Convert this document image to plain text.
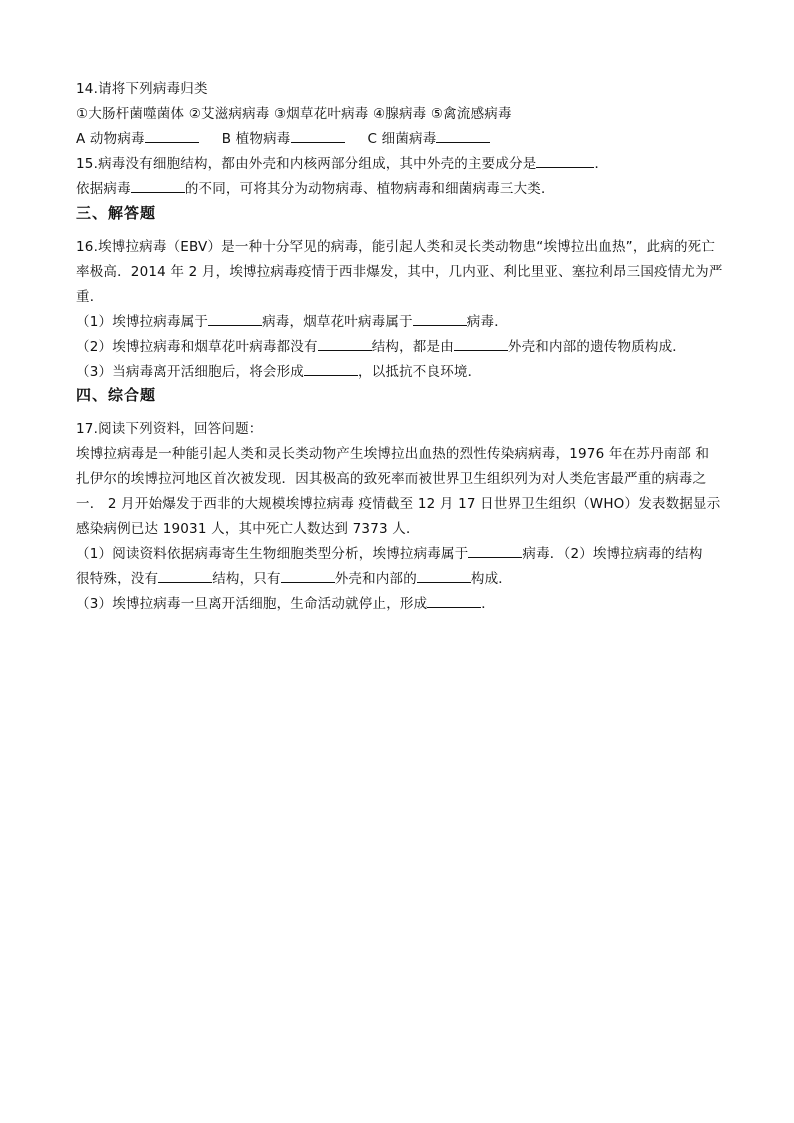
14.请将下列病毒归类
①大肠杆菌噬菌体 ②艾滋病病毒 ③烟草花叶病毒 ④腺病毒 ⑤禽流感病毒
A 动物病毒	B 植物病毒	C 细菌病毒
15.病毒没有细胞结构，都由外壳和内核两部分组成，其中外壳的主要成分是	．
依据病毒	的不同，可将其分为动物病毒、植物病毒和细菌病毒三大类．
三、解答题
16.埃博拉病毒（EBV）是一种十分罕见的病毒，能引起人类和灵长类动物患“埃博拉出血热”，此病的死亡
率极高．2014 年 2 月，埃博拉病毒疫情于西非爆发，其中，几内亚、利比里亚、塞拉利昂三国疫情尤为严
重．
（1）埃博拉病毒属于	病毒，烟草花叶病毒属于	病毒．
（2）埃博拉病毒和烟草花叶病毒都没有	结构，都是由	外壳和内部的遗传物质构成．
（3）当病毒离开活细胞后，将会形成	，以抵抗不良环境．
四、综合题
17.阅读下列资料，回答问题：
埃博拉病毒是一种能引起人类和灵长类动物产生埃博拉出血热的烈性传染病病毒，1976 年在苏丹南部 和
扎伊尔的埃博拉河地区首次被发现．因其极高的致死率而被世界卫生组织列为对人类危害最严重的病毒之
一． 2 月开始爆发于西非的大规模埃博拉病毒 疫情截至 12 月 17 日世界卫生组织（WHO）发表数据显示
感染病例已达 19031 人，其中死亡人数达到 7373 人．
（1）阅读资料依据病毒寄生生物细胞类型分析，埃博拉病毒属于	病毒．（2）埃博拉病毒的结构
很特殊，没有	结构，只有	外壳和内部的	构成．
（3）埃博拉病毒一旦离开活细胞，生命活动就停止，形成	．
